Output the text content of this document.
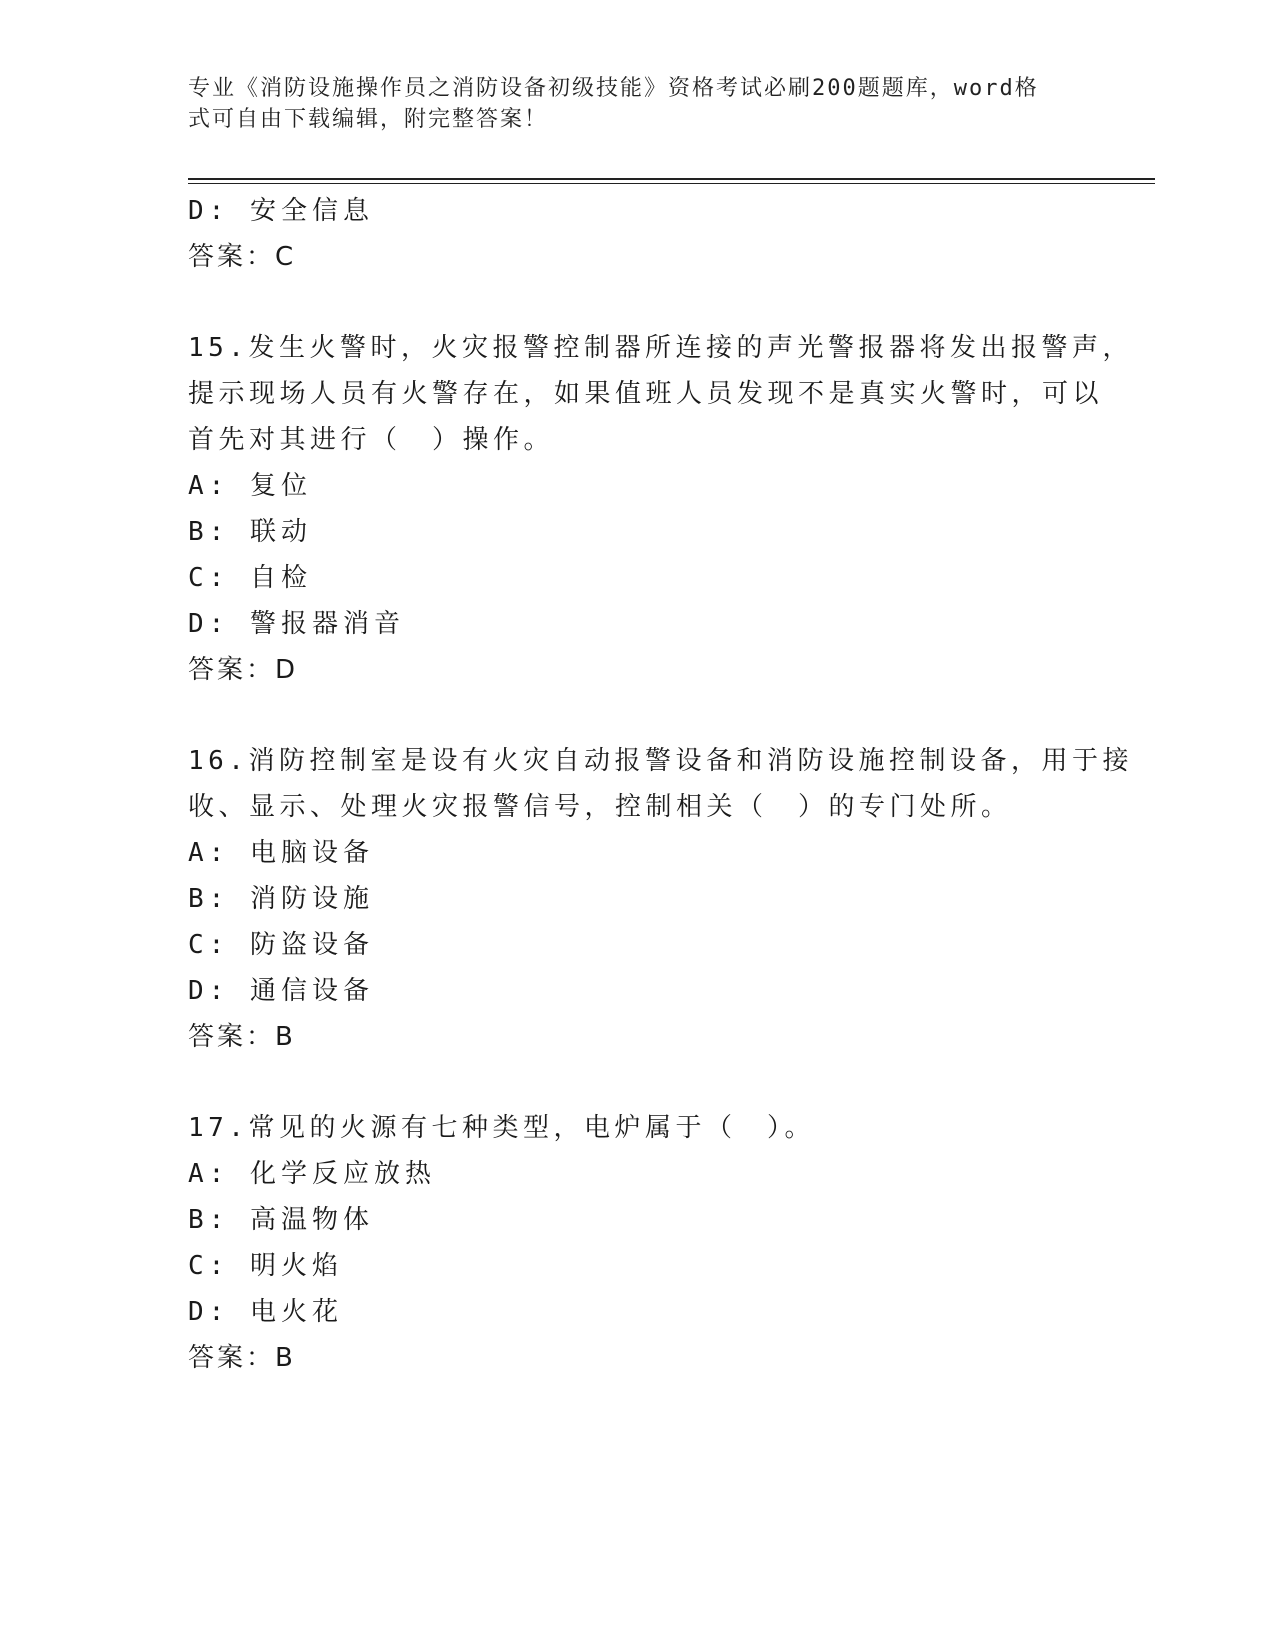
专业《消防设施操作员之消防设备初级技能》资格考试必刷200题题库，word格
式可自由下载编辑，附完整答案！
D: 安全信息
答案：C
15.发生火警时，火灾报警控制器所连接的声光警报器将发出报警声，
提示现场人员有火警存在，如果值班人员发现不是真实火警时，可以
首先对其进行（　）操作。
A: 复位
B: 联动
C: 自检
D: 警报器消音
答案：D
16.消防控制室是设有火灾自动报警设备和消防设施控制设备，用于接
收、显示、处理火灾报警信号，控制相关（　）的专门处所。
A: 电脑设备
B: 消防设施
C: 防盗设备
D: 通信设备
答案：B
17.常见的火源有七种类型，电炉属于（　）。
A: 化学反应放热
B: 高温物体
C: 明火焰
D: 电火花
答案：B
